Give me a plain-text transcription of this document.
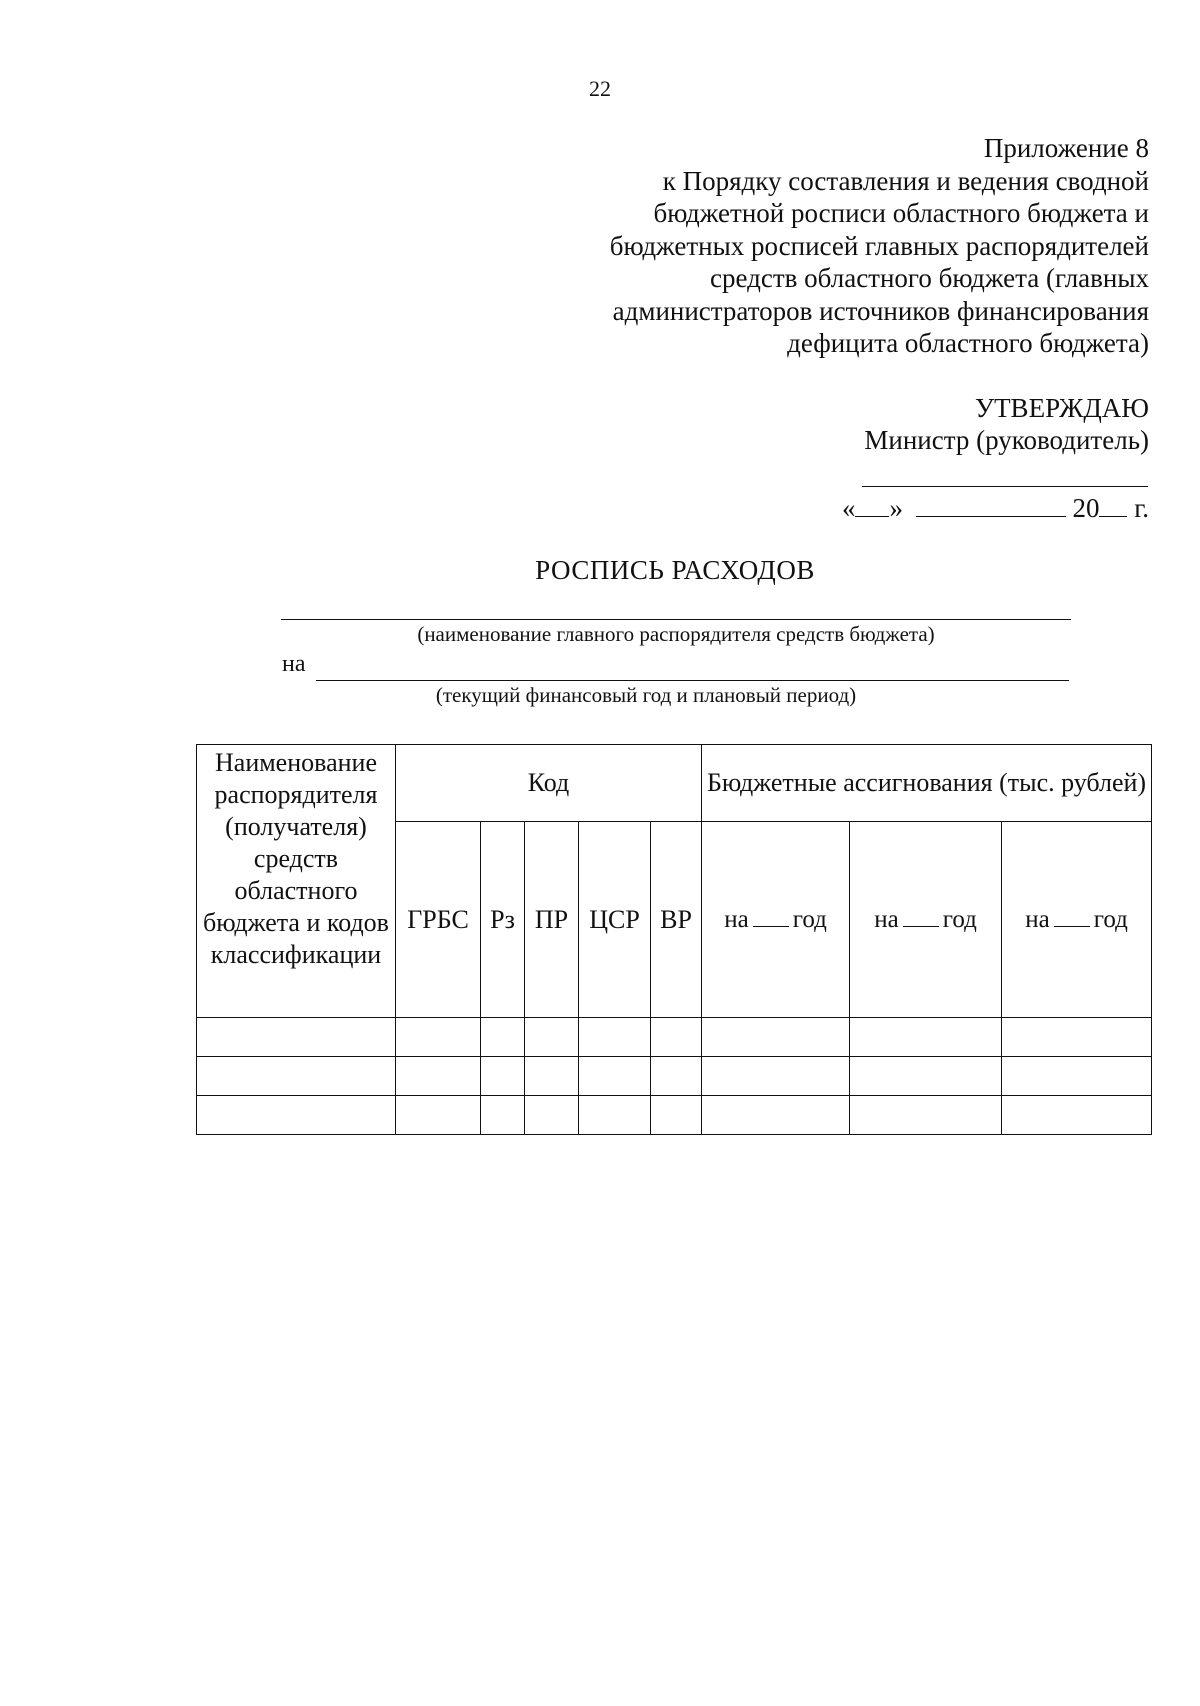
22
Приложение 8
к Порядку составления и ведения сводной
бюджетной росписи областного бюджета и
бюджетных росписей главных распорядителей
средств областного бюджета (главных
администраторов источников финансирования
дефицита областного бюджета)
УТВЕРЖДАЮ
Министр (руководитель)
« »	20 г.
РОСПИСЬ РАСХОДОВ
(наименование главного распорядителя средств бюджета)
на
(текущий финансовый год и плановый период)
Наименование распорядителя (получателя) средств областного бюджета и кодов классификации	Код					Бюджетные ассигнования (тыс. рублей)		
	ГРБС	Рз	ПР	ЦСР	ВР	на год	на год	на год
